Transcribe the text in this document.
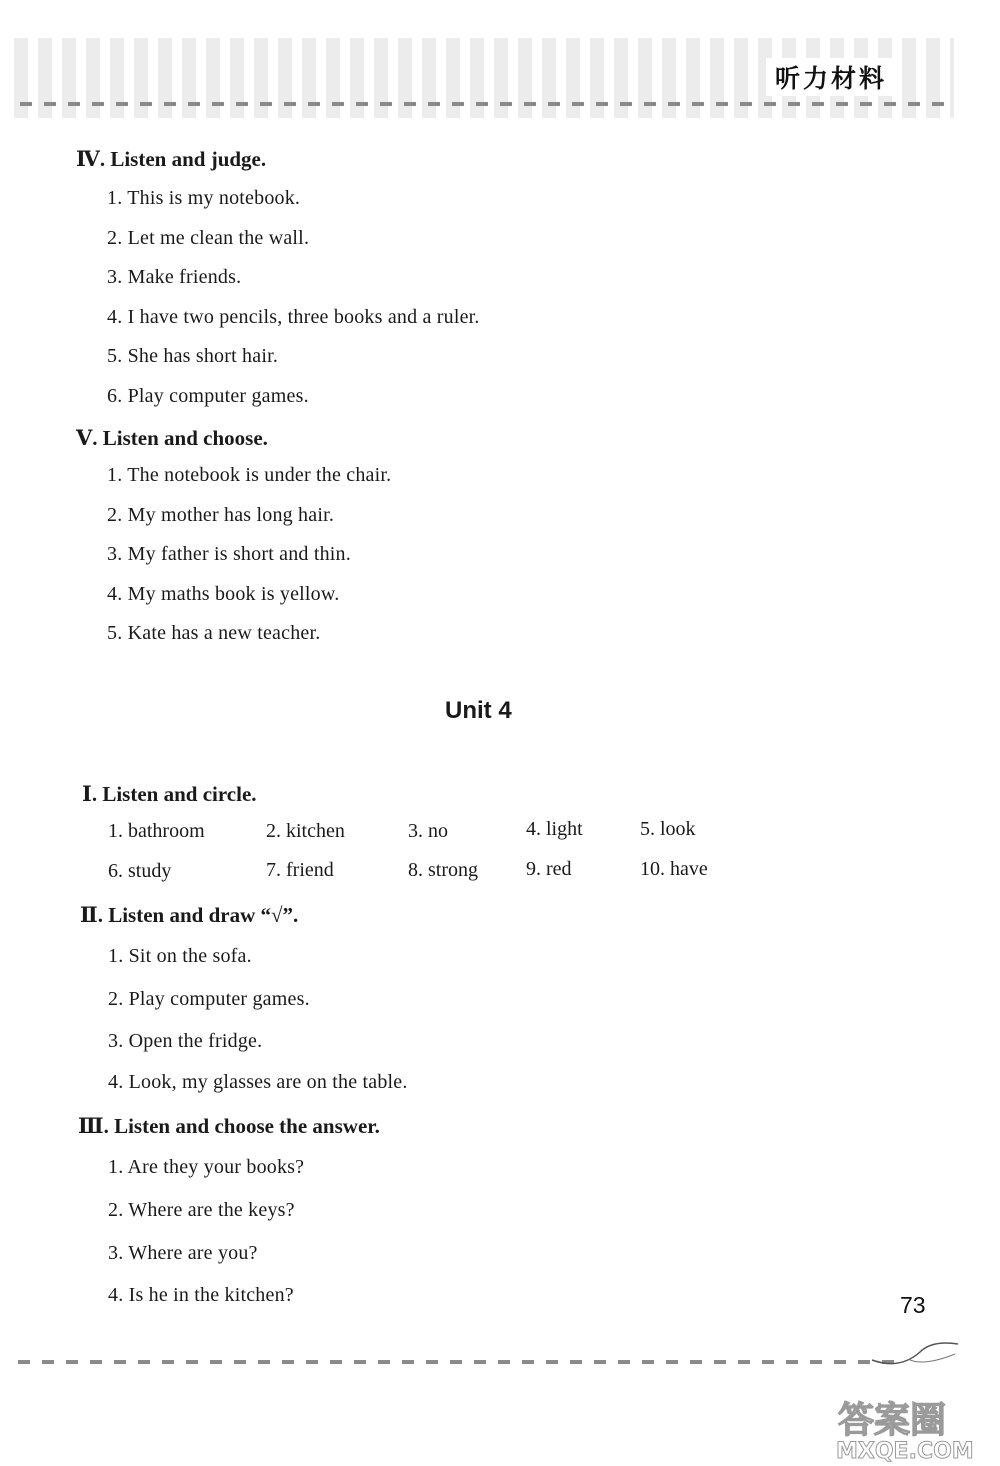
听力材料
Ⅳ. Listen and judge.
1. This is my notebook.
2. Let me clean the wall.
3. Make friends.
4. I have two pencils, three books and a ruler.
5. She has short hair.
6. Play computer games.
Ⅴ. Listen and choose.
1. The notebook is under the chair.
2. My mother has long hair.
3. My father is short and thin.
4. My maths book is yellow.
5. Kate has a new teacher.
Unit 4
Ⅰ. Listen and circle.
1. bathroom	2. kitchen	3. no	4. light	5. look
6. study	7. friend	8. strong 9. red	10. have
Ⅱ. Listen and draw “√”.
1. Sit on the sofa.
2. Play computer games.
3. Open the fridge.
4. Look, my glasses are on the table.
Ⅲ. Listen and choose the answer.
1. Are they your books?
2. Where are the keys?
3. Where are you?
4. Is he in the kitchen?	73
答案圈
MXQE.COM
